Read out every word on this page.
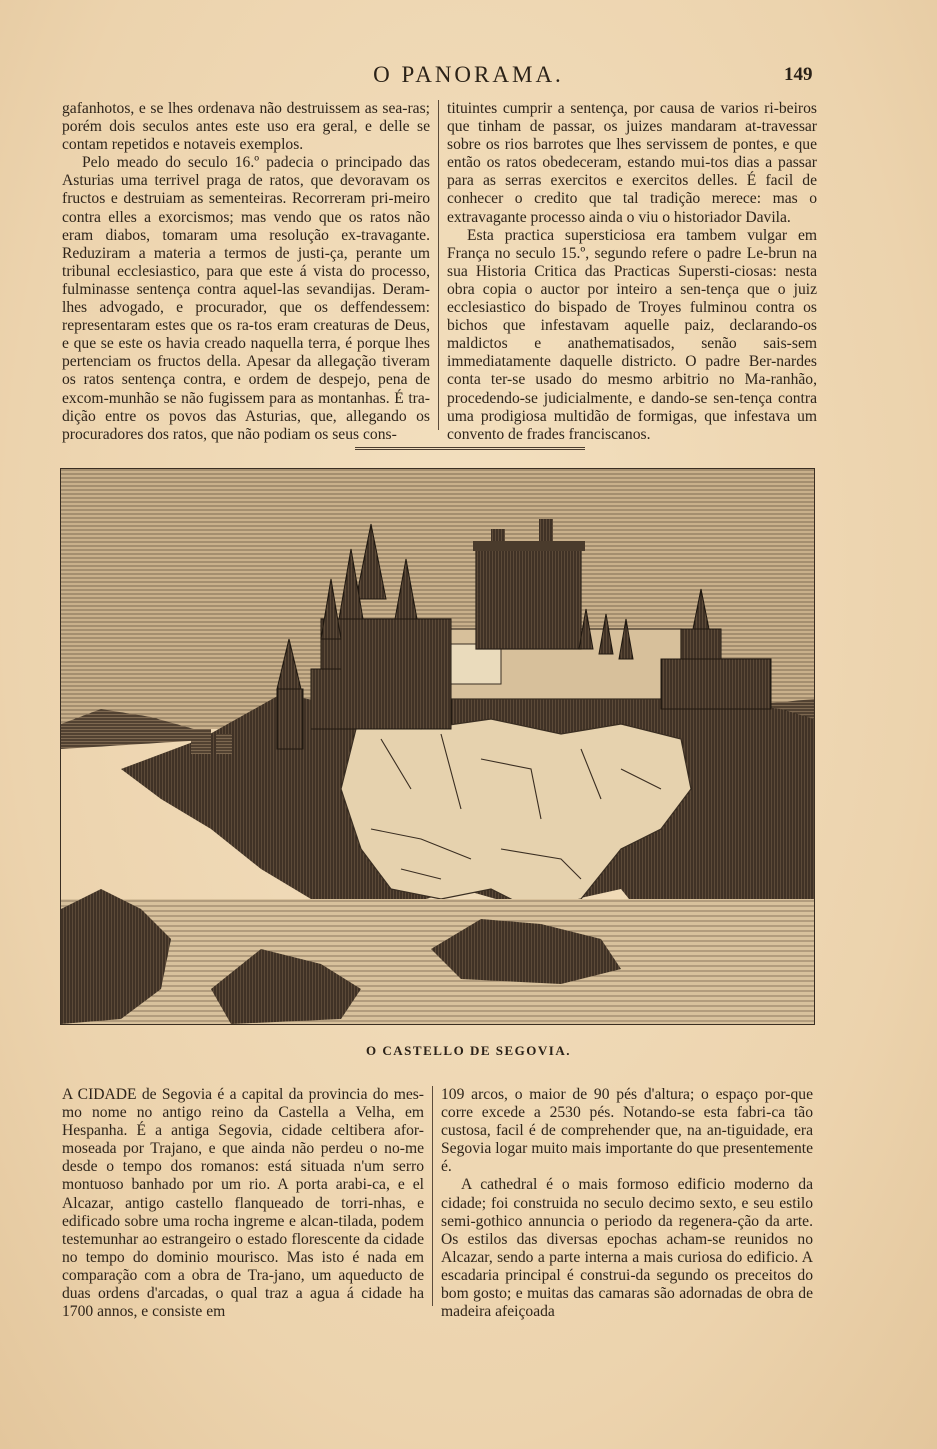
O PANORAMA.	149

gafanhotos, e se lhes ordenava não destruissem as sea-ras; porém dois seculos antes este uso era geral, e delle se contam repetidos e notaveis exemplos.

Pelo meado do seculo 16.º padecia o principado das Asturias uma terrivel praga de ratos, que devoravam os fructos e destruiam as sementeiras. Recorreram pri-meiro contra elles a exorcismos; mas vendo que os ratos não eram diabos, tomaram uma resolução ex-travagante. Reduziram a materia a termos de justi-ça, perante um tribunal ecclesiastico, para que este á vista do processo, fulminasse sentença contra aquel-las sevandijas. Deram-lhes advogado, e procurador, que os deffendessem: representaram estes que os ra-tos eram creaturas de Deus, e que se este os havia creado naquella terra, é porque lhes pertenciam os fructos della. Apesar da allegação tiveram os ratos sentença contra, e ordem de despejo, pena de excom-munhão se não fugissem para as montanhas. É tra-dição entre os povos das Asturias, que, allegando os procuradores dos ratos, que não podiam os seus cons-

tituintes cumprir a sentença, por causa de varios ri-beiros que tinham de passar, os juizes mandaram at-travessar sobre os rios barrotes que lhes servissem de pontes, e que então os ratos obedeceram, estando mui-tos dias a passar para as serras exercitos e exercitos delles. É facil de conhecer o credito que tal tradição merece: mas o extravagante processo ainda o viu o historiador Davila.

Esta practica supersticiosa era tambem vulgar em França no seculo 15.º, segundo refere o padre Le-brun na sua Historia Critica das Practicas Supersti-ciosas: nesta obra copia o auctor por inteiro a sen-tença que o juiz ecclesiastico do bispado de Troyes fulminou contra os bichos que infestavam aquelle paiz, declarando-os maldictos e anathematisados, senão sais-sem immediatamente daquelle districto. O padre Ber-nardes conta ter-se usado do mesmo arbitrio no Ma-ranhão, procedendo-se judicialmente, e dando-se sen-tença contra uma prodigiosa multidão de formigas, que infestava um convento de frades franciscanos.

O CASTELLO DE SEGOVIA.

A CIDADE de Segovia é a capital da provincia do mes-mo nome no antigo reino da Castella a Velha, em Hespanha. É a antiga Segovia, cidade celtibera afor-moseada por Trajano, e que ainda não perdeu o no-me desde o tempo dos romanos: está situada n'um serro montuoso banhado por um rio. A porta arabi-ca, e el Alcazar, antigo castello flanqueado de torri-nhas, e edificado sobre uma rocha ingreme e alcan-tilada, podem testemunhar ao estrangeiro o estado florescente da cidade no tempo do dominio mourisco. Mas isto é nada em comparação com a obra de Tra-jano, um aqueducto de duas ordens d'arcadas, o qual traz a agua á cidade ha 1700 annos, e consiste em

109 arcos, o maior de 90 pés d'altura; o espaço por-que corre excede a 2530 pés. Notando-se esta fabri-ca tão custosa, facil é de comprehender que, na an-tiguidade, era Segovia logar muito mais importante do que presentemente é.

A cathedral é o mais formoso edificio moderno da cidade; foi construida no seculo decimo sexto, e seu estilo semi-gothico annuncia o periodo da regenera-ção da arte. Os estilos das diversas epochas acham-se reunidos no Alcazar, sendo a parte interna a mais curiosa do edificio. A escadaria principal é construi-da segundo os preceitos do bom gosto; e muitas das camaras são adornadas de obra de madeira afeiçoada
